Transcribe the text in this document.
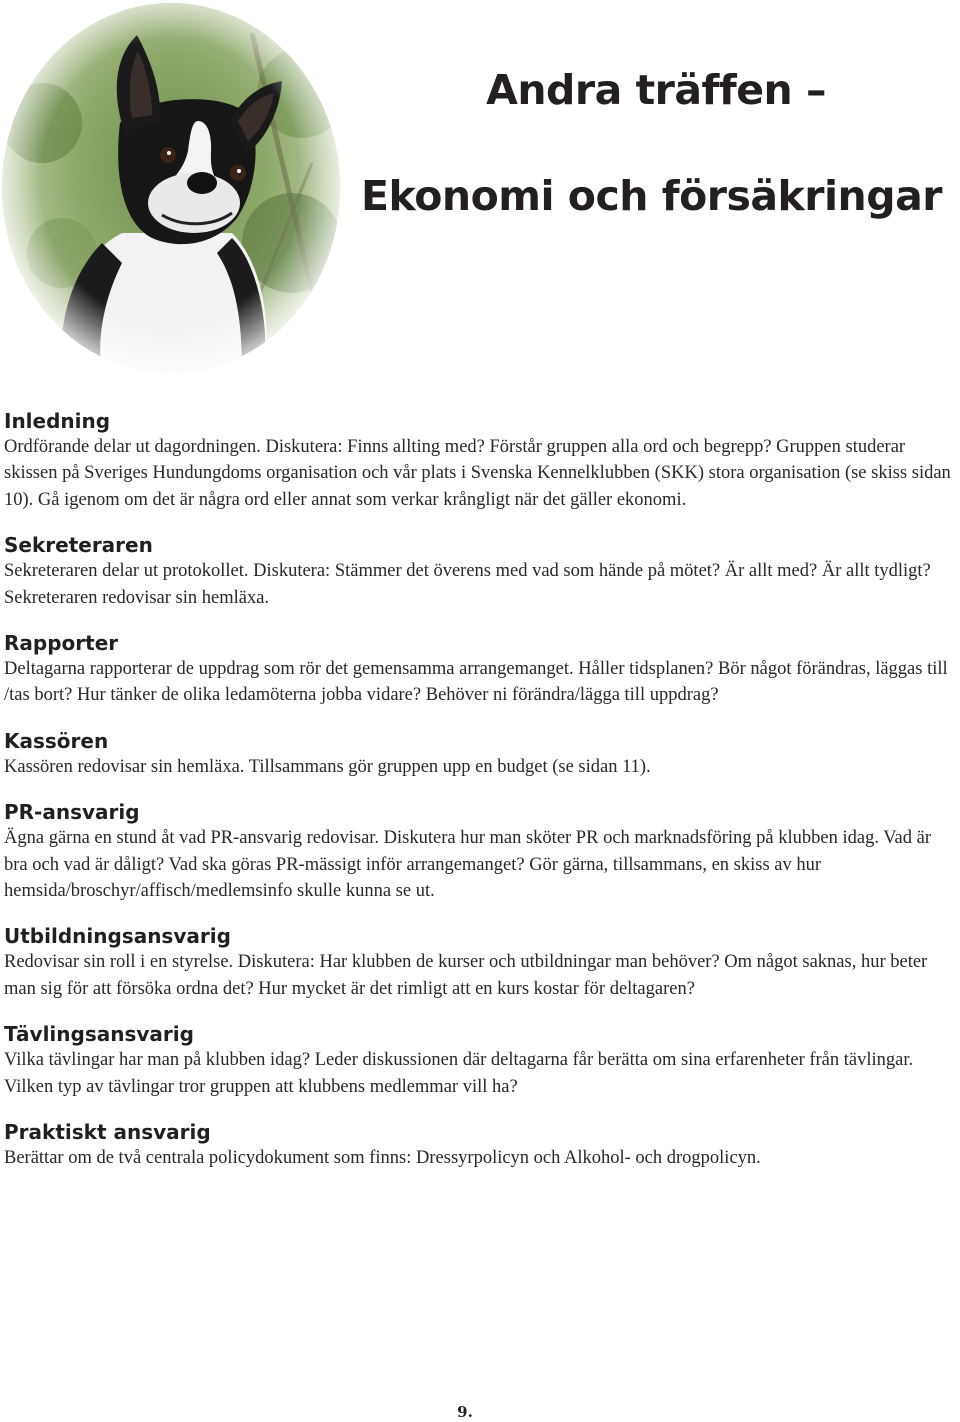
Andra träffen –
Ekonomi och försäkringar
Inledning

Ordförande delar ut dagordningen. Diskutera: Finns allting med? Förstår gruppen alla ord och begrepp? Gruppen studerar skissen på Sveriges Hundungdoms organisation och vår plats i Svenska Kennelklubben (SKK) stora organisation (se skiss sidan 10). Gå igenom om det är några ord eller annat som verkar krångligt när det gäller ekonomi.

Sekreteraren

Sekreteraren delar ut protokollet. Diskutera: Stämmer det överens med vad som hände på mötet? Är allt med? Är allt tydligt? Sekreteraren redovisar sin hemläxa.

Rapporter

Deltagarna rapporterar de uppdrag som rör det gemensamma arrangemanget. Håller tidsplanen? Bör något förändras, läggas till /tas bort? Hur tänker de olika ledamöterna jobba vidare? Behöver ni förändra/lägga till uppdrag?

Kassören

Kassören redovisar sin hemläxa. Tillsammans gör gruppen upp en budget (se sidan 11).

PR-ansvarig

Ägna gärna en stund åt vad PR-ansvarig redovisar. Diskutera hur man sköter PR och marknadsföring på klubben idag. Vad är bra och vad är dåligt? Vad ska göras PR-mässigt inför arrangemanget? Gör gärna, tillsammans, en skiss av hur hemsida/broschyr/affisch/medlemsinfo skulle kunna se ut.

Utbildningsansvarig

Redovisar sin roll i en styrelse. Diskutera: Har klubben de kurser och utbildningar man behöver? Om något saknas, hur beter man sig för att försöka ordna det? Hur mycket är det rimligt att en kurs kostar för deltagaren?

Tävlingsansvarig

Vilka tävlingar har man på klubben idag? Leder diskussionen där deltagarna får berätta om sina erfarenheter från tävlingar. Vilken typ av tävlingar tror gruppen att klubbens medlemmar vill ha?

Praktiskt ansvarig

Berättar om de två centrala policydokument som finns: Dressyrpolicyn och Alkohol- och drogpolicyn.

9.
